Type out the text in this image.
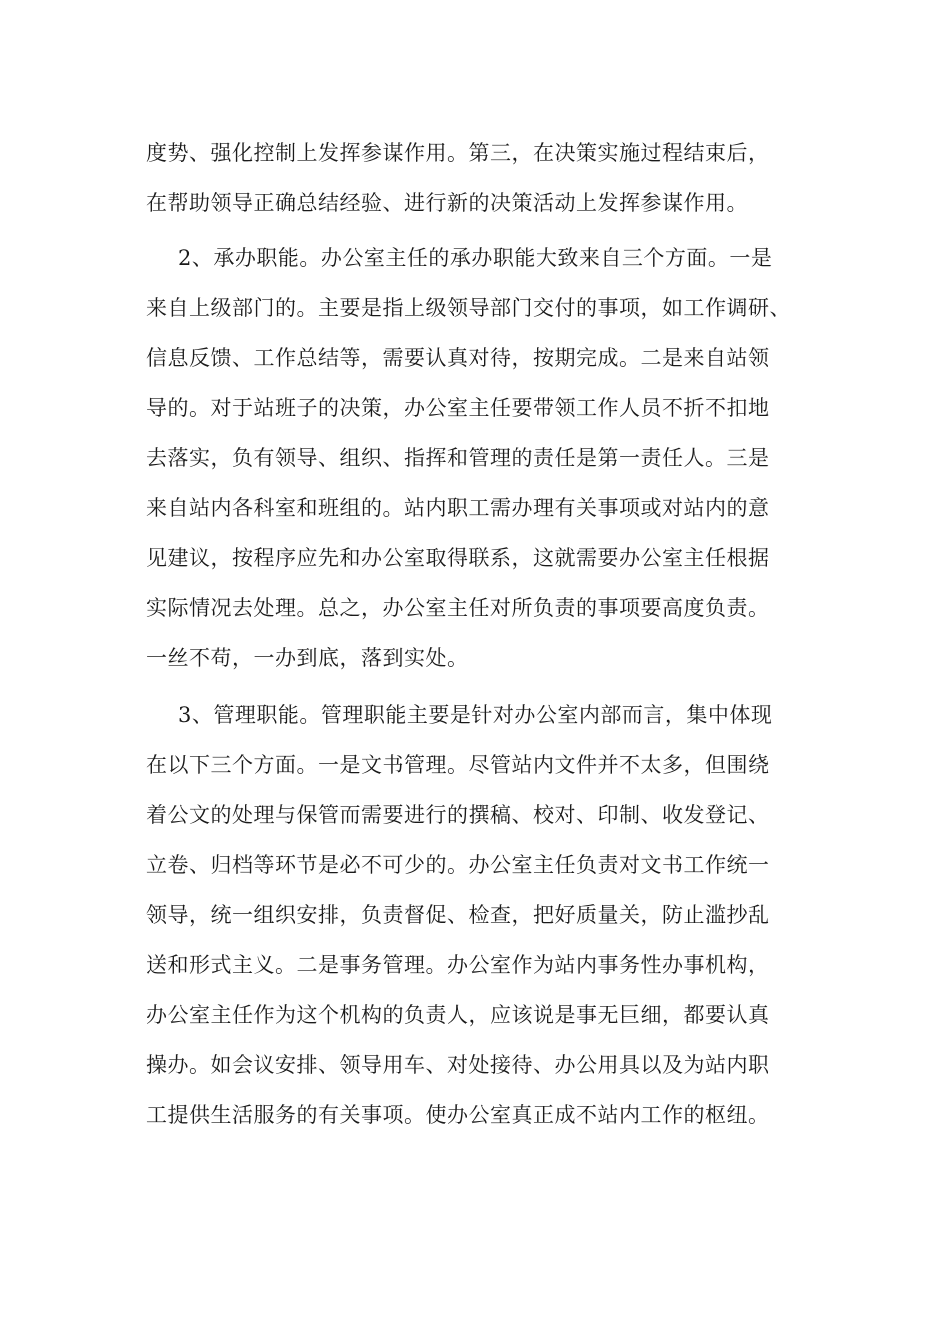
度势、强化控制上发挥参谋作用。第三，在决策实施过程结束后，
在帮助领导正确总结经验、进行新的决策活动上发挥参谋作用。
2、承办职能。办公室主任的承办职能大致来自三个方面。一是
来自上级部门的。主要是指上级领导部门交付的事项，如工作调研、
信息反馈、工作总结等，需要认真对待，按期完成。二是来自站领
导的。对于站班子的决策，办公室主任要带领工作人员不折不扣地
去落实，负有领导、组织、指挥和管理的责任是第一责任人。三是
来自站内各科室和班组的。站内职工需办理有关事项或对站内的意
见建议，按程序应先和办公室取得联系，这就需要办公室主任根据
实际情况去处理。总之，办公室主任对所负责的事项要高度负责。
一丝不苟，一办到底，落到实处。
3、管理职能。管理职能主要是针对办公室内部而言，集中体现
在以下三个方面。一是文书管理。尽管站内文件并不太多，但围绕
着公文的处理与保管而需要进行的撰稿、校对、印制、收发登记、
立卷、归档等环节是必不可少的。办公室主任负责对文书工作统一
领导，统一组织安排，负责督促、检查，把好质量关，防止滥抄乱
送和形式主义。二是事务管理。办公室作为站内事务性办事机构，
办公室主任作为这个机构的负责人，应该说是事无巨细，都要认真
操办。如会议安排、领导用车、对处接待、办公用具以及为站内职
工提供生活服务的有关事项。使办公室真正成不站内工作的枢纽。
